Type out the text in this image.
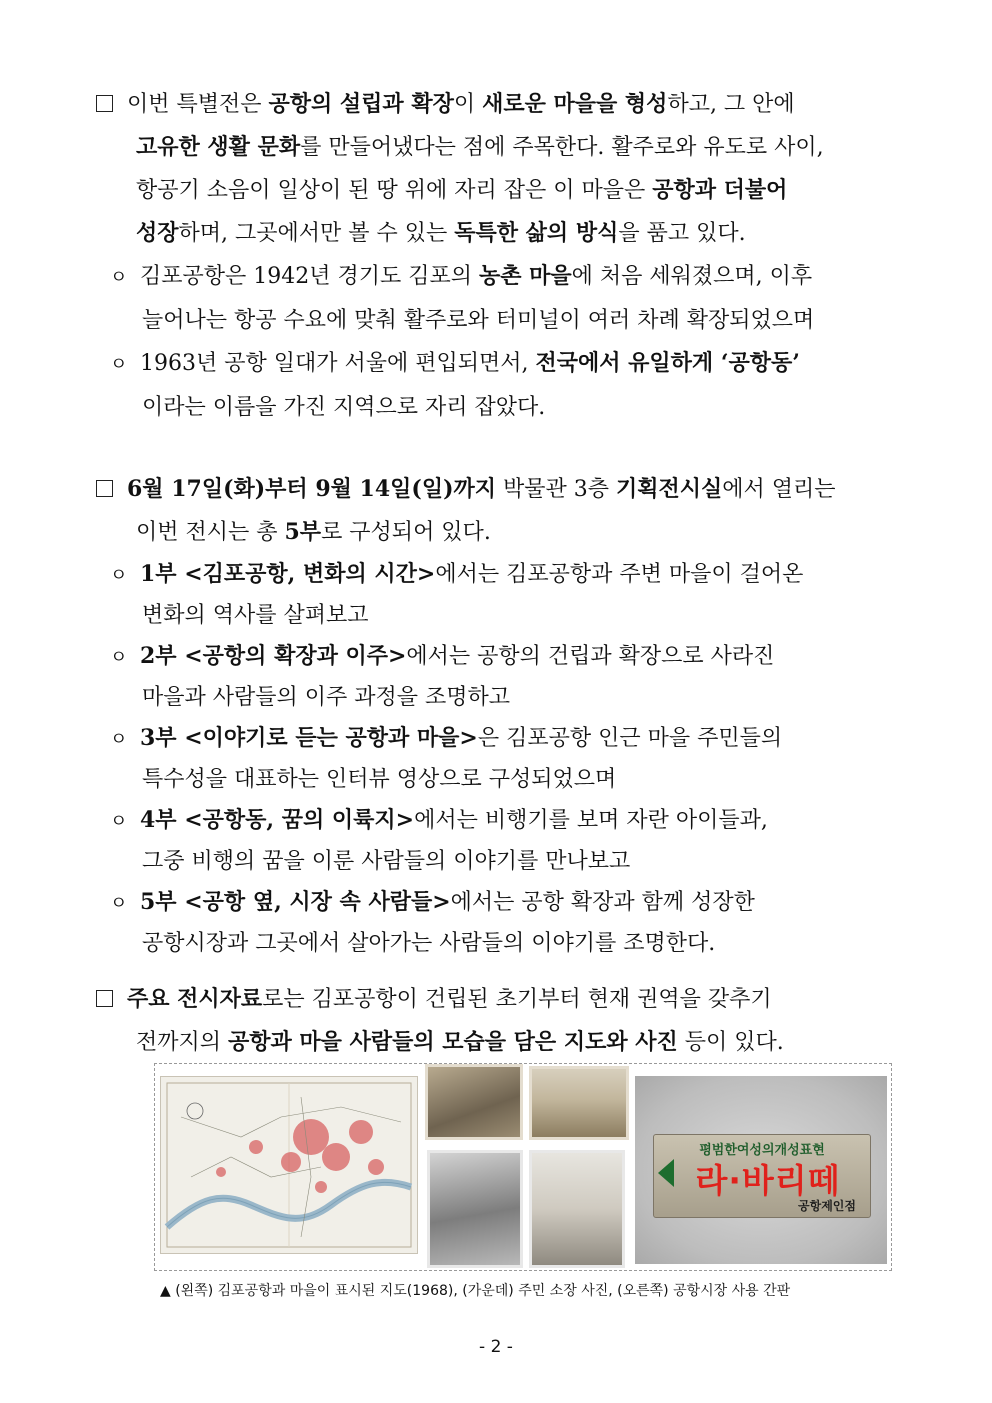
이번 특별전은 공항의 설립과 확장이 새로운 마을을 형성하고, 그 안에
고유한 생활 문화를 만들어냈다는 점에 주목한다. 활주로와 유도로 사이,
항공기 소음이 일상이 된 땅 위에 자리 잡은 이 마을은 공항과 더불어
성장하며, 그곳에서만 볼 수 있는 독특한 삶의 방식을 품고 있다.
ㅇ 김포공항은 1942년 경기도 김포의 농촌 마을에 처음 세워졌으며, 이후
늘어나는 항공 수요에 맞춰 활주로와 터미널이 여러 차례 확장되었으며
ㅇ 1963년 공항 일대가 서울에 편입되면서, 전국에서 유일하게 ‘공항동’
이라는 이름을 가진 지역으로 자리 잡았다.
6월 17일(화)부터 9월 14일(일)까지 박물관 3층 기획전시실에서 열리는
이번 전시는 총 5부로 구성되어 있다.
ㅇ 1부 <김포공항, 변화의 시간>에서는 김포공항과 주변 마을이 걸어온
변화의 역사를 살펴보고
ㅇ 2부 <공항의 확장과 이주>에서는 공항의 건립과 확장으로 사라진
마을과 사람들의 이주 과정을 조명하고
ㅇ 3부 <이야기로 듣는 공항과 마을>은 김포공항 인근 마을 주민들의
특수성을 대표하는 인터뷰 영상으로 구성되었으며
ㅇ 4부 <공항동, 꿈의 이륙지>에서는 비행기를 보며 자란 아이들과,
그중 비행의 꿈을 이룬 사람들의 이야기를 만나보고
ㅇ 5부 <공항 옆, 시장 속 사람들>에서는 공항 확장과 함께 성장한
공항시장과 그곳에서 살아가는 사람들의 이야기를 조명한다.
주요 전시자료로는 김포공항이 건립된 초기부터 현재 권역을 갖추기
전까지의 공항과 마을 사람들의 모습을 담은 지도와 사진 등이 있다.
평범한여성의개성표현
라·바리떼
공항제인점
▲ (왼쪽) 김포공항과 마을이 표시된 지도(1968), (가운데) 주민 소장 사진, (오른쪽) 공항시장 사용 간판
- 2 -
